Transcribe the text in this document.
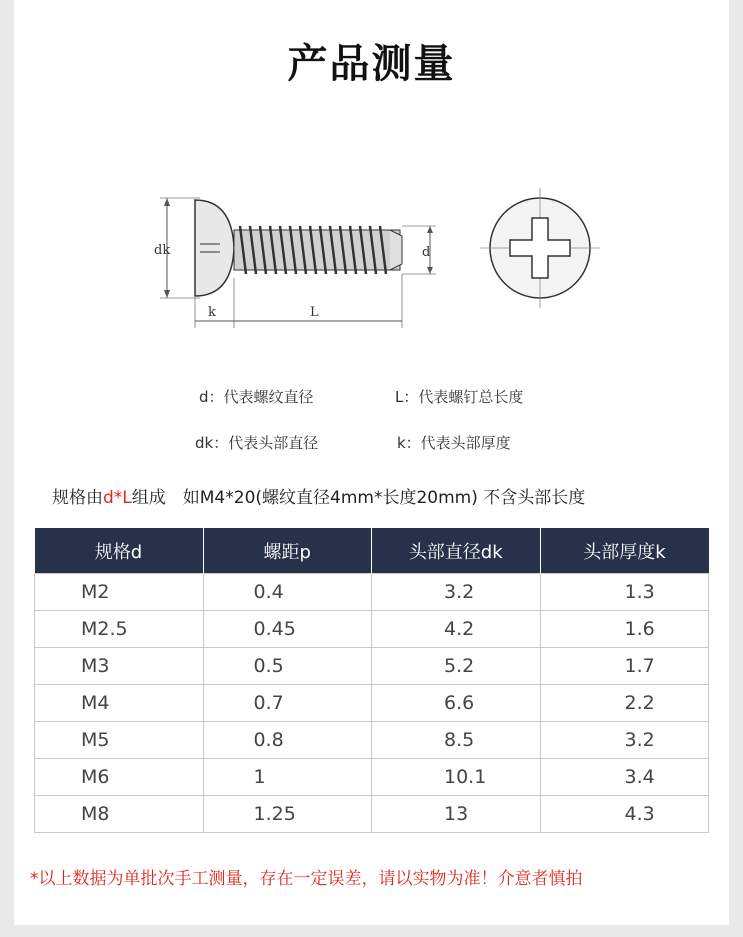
产品测量
dk	d
k	L
d：代表螺纹直径	L：代表螺钉总长度
dk：代表头部直径	k：代表头部厚度
规格由d*L组成　如M4*20(螺纹直径4mm*长度20mm) 不含头部长度
规格d	螺距p	头部直径dk	头部厚度k
M2	0.4	3.2	1.3
M2.5	0.45	4.2	1.6
M3	0.5	5.2	1.7
M4	0.7	6.6	2.2
M5	0.8	8.5	3.2
M6	1	10.1	3.4
M8	1.25	13	4.3
*以上数据为单批次手工测量，存在一定误差，请以实物为准！介意者慎拍
